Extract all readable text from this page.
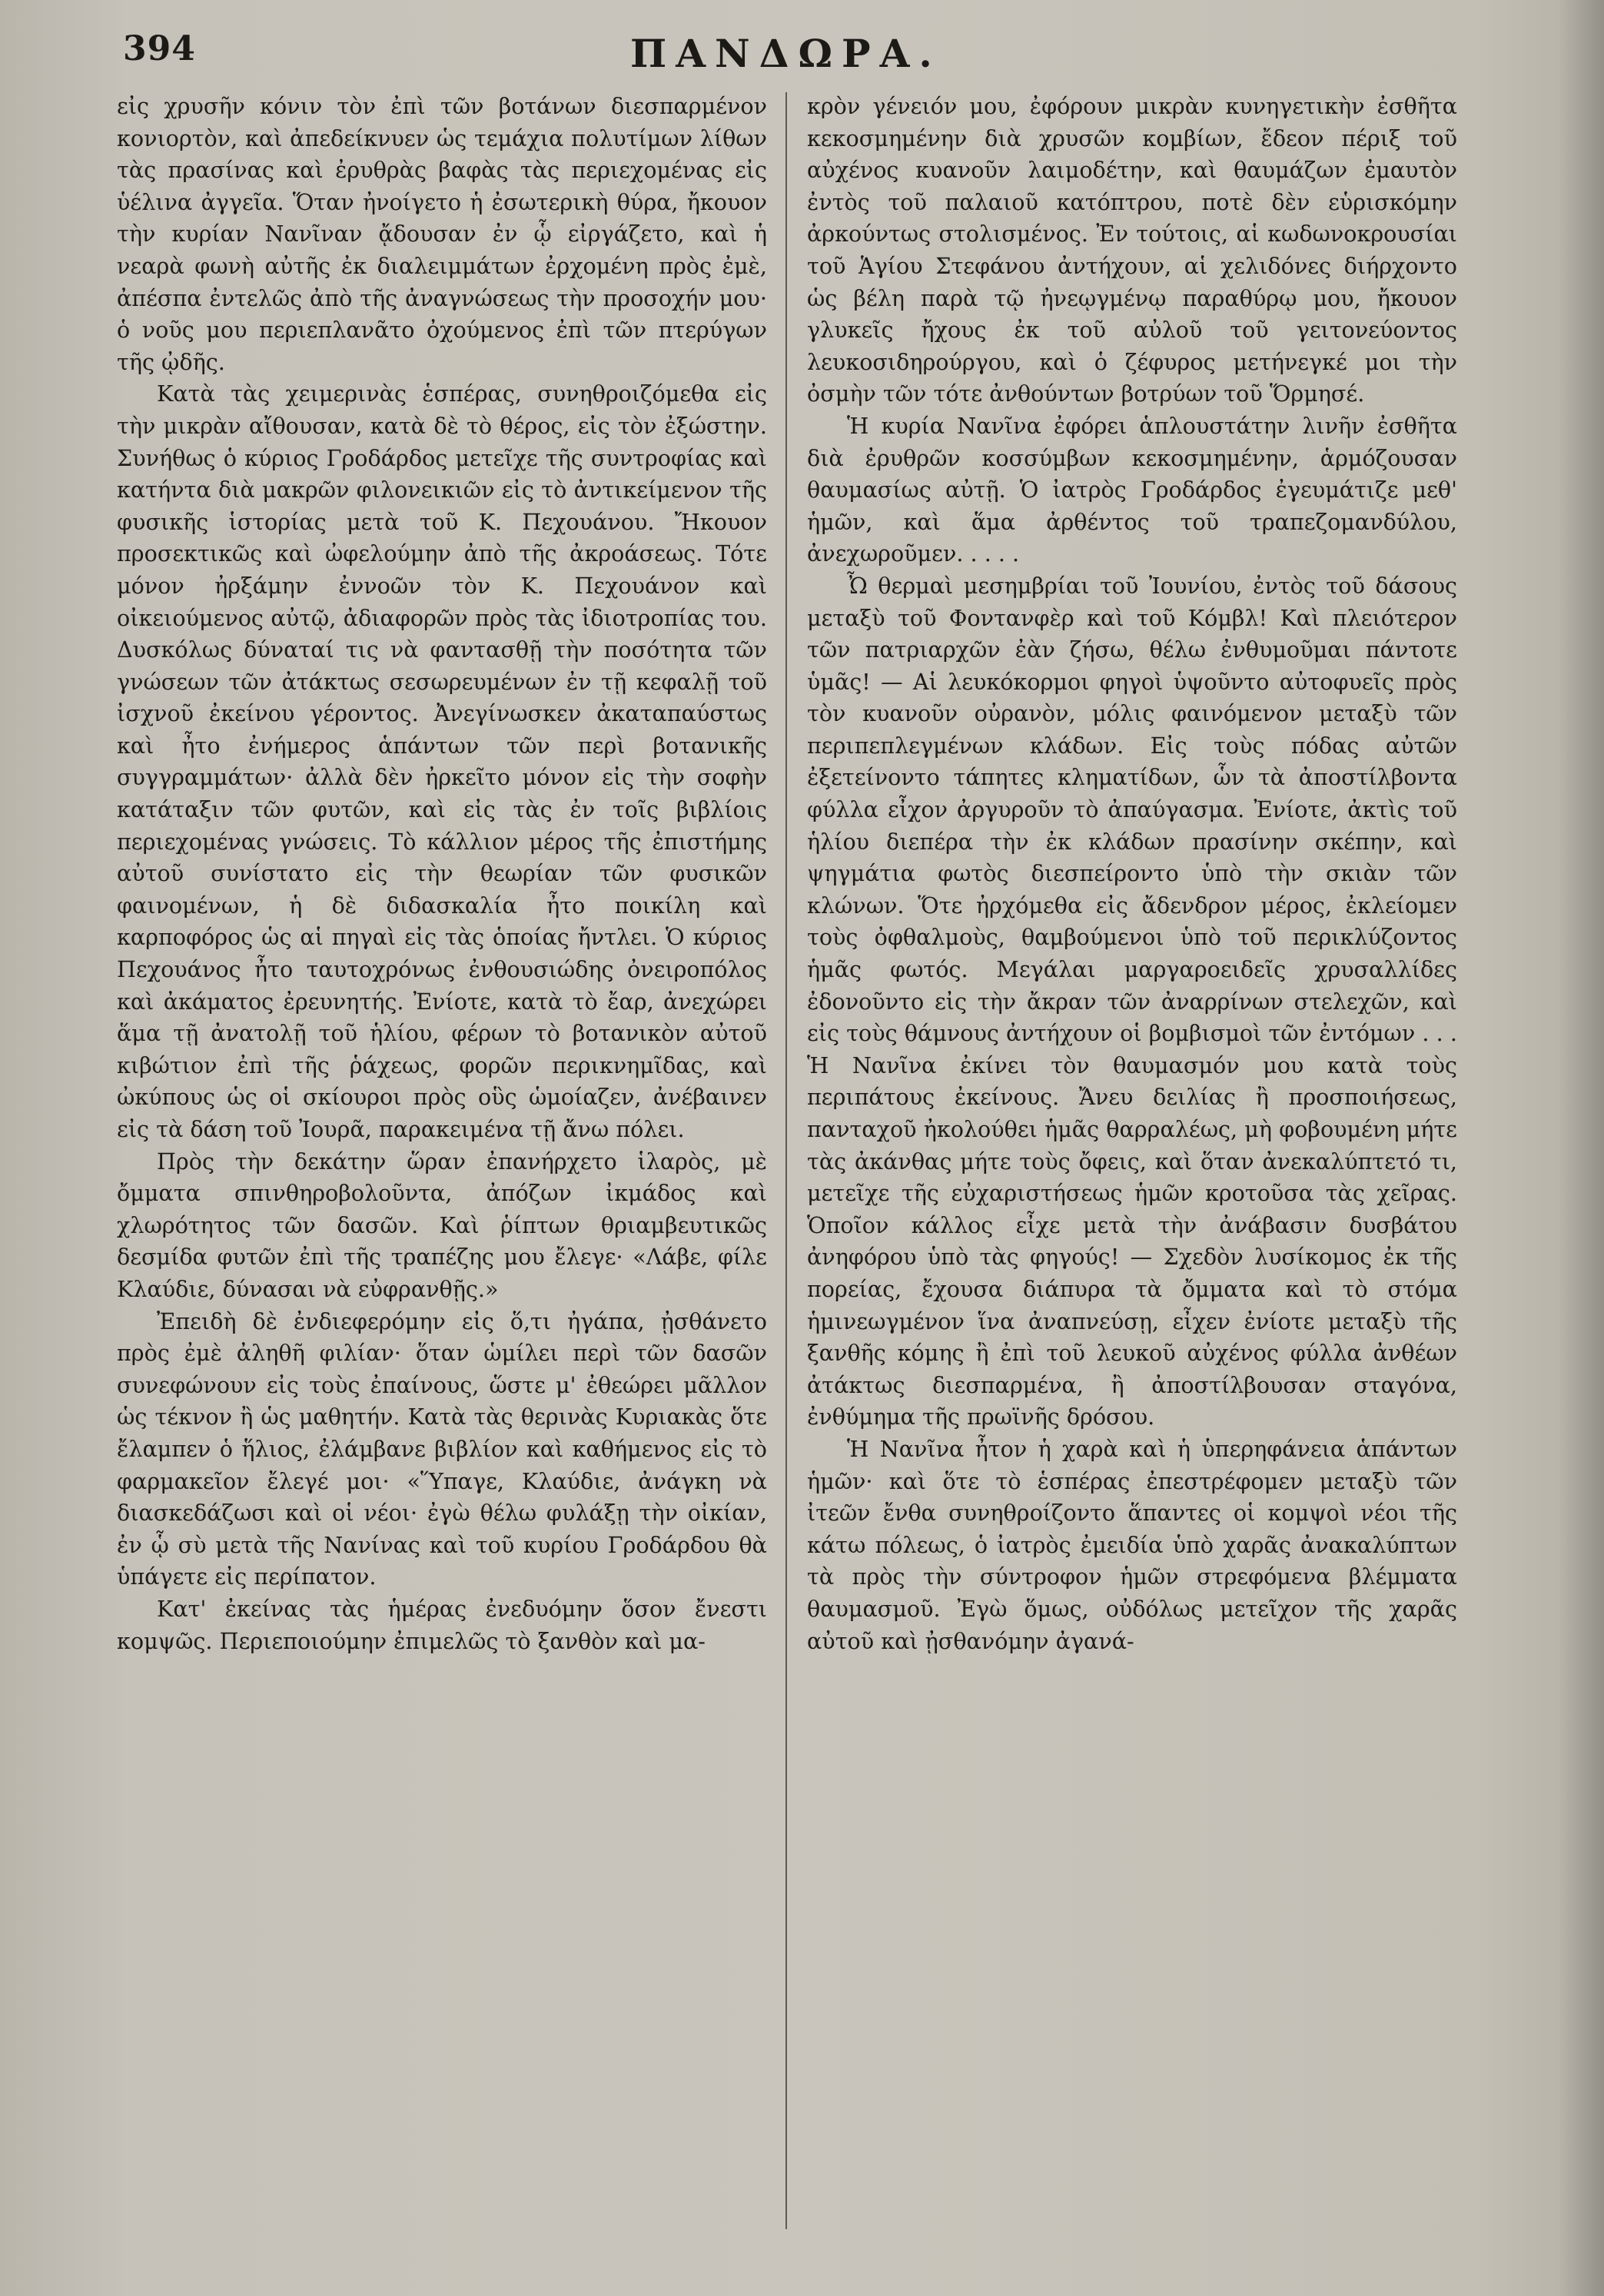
394	ΠΑΝΔΩΡΑ.

εἰς χρυσῆν κόνιν τὸν ἐπὶ τῶν βοτάνων διεσπαρμένον κονιορτὸν, καὶ ἀπεδείκνυεν ὡς τεμάχια πολυτίμων λίθων τὰς πρασίνας καὶ ἐρυθρὰς βαφὰς τὰς περιεχομένας εἰς ὑέλινα ἀγγεῖα. Ὅταν ἠνοίγετο ἡ ἐσωτερικὴ θύρα, ἤκουον τὴν κυρίαν Νανῖναν ᾄδουσαν ἐν ᾧ εἰργάζετο, καὶ ἡ νεαρὰ φωνὴ αὐτῆς ἐκ διαλειμμάτων ἐρχομένη πρὸς ἐμὲ, ἀπέσπα ἐντελῶς ἀπὸ τῆς ἀναγνώσεως τὴν προσοχήν μου· ὁ νοῦς μου περιεπλανᾶτο ὀχούμενος ἐπὶ τῶν πτερύγων τῆς ᾠδῆς.

Κατὰ τὰς χειμερινὰς ἑσπέρας, συνηθροιζόμεθα εἰς τὴν μικρὰν αἴθουσαν, κατὰ δὲ τὸ θέρος, εἰς τὸν ἐξώστην. Συνήθως ὁ κύριος Γροδάρδος μετεῖχε τῆς συντροφίας καὶ κατήντα διὰ μακρῶν φιλονεικιῶν εἰς τὸ ἀντικείμενον τῆς φυσικῆς ἱστορίας μετὰ τοῦ Κ. Πεχουάνου. Ἤκουον προσεκτικῶς καὶ ὠφελούμην ἀπὸ τῆς ἀκροάσεως. Τότε μόνον ἠρξάμην ἐννοῶν τὸν Κ. Πεχουάνον καὶ οἰκειούμενος αὐτῷ, ἀδιαφορῶν πρὸς τὰς ἰδιοτροπίας του. Δυσκόλως δύναταί τις νὰ φαντασθῇ τὴν ποσότητα τῶν γνώσεων τῶν ἀτάκτως σεσωρευμένων ἐν τῇ κεφαλῇ τοῦ ἰσχνοῦ ἐκείνου γέροντος. Ἀνεγίνωσκεν ἀκαταπαύστως καὶ ἦτο ἐνήμερος ἁπάντων τῶν περὶ βοτανικῆς συγγραμμάτων· ἀλλὰ δὲν ἠρκεῖτο μόνον εἰς τὴν σοφὴν κατάταξιν τῶν φυτῶν, καὶ εἰς τὰς ἐν τοῖς βιβλίοις περιεχομένας γνώσεις. Τὸ κάλλιον μέρος τῆς ἐπιστήμης αὐτοῦ συνίστατο εἰς τὴν θεωρίαν τῶν φυσικῶν φαινομένων, ἡ δὲ διδασκαλία ἦτο ποικίλη καὶ καρποφόρος ὡς αἱ πηγαὶ εἰς τὰς ὁποίας ἤντλει. Ὁ κύριος Πεχουάνος ἦτο ταυτοχρόνως ἐνθουσιώδης ὀνειροπόλος καὶ ἀκάματος ἐρευνητής. Ἐνίοτε, κατὰ τὸ ἔαρ, ἀνεχώρει ἅμα τῇ ἀνατολῇ τοῦ ἡλίου, φέρων τὸ βοτανικὸν αὐτοῦ κιβώτιον ἐπὶ τῆς ῥάχεως, φορῶν περικνημῖδας, καὶ ὠκύπους ὡς οἱ σκίουροι πρὸς οὓς ὡμοίαζεν, ἀνέβαινεν εἰς τὰ δάση τοῦ Ἰουρᾶ, παρακειμένα τῇ ἄνω πόλει.

Πρὸς τὴν δεκάτην ὥραν ἐπανήρχετο ἱλαρὸς, μὲ ὄμματα σπινθηροβολοῦντα, ἀπόζων ἰκμάδος καὶ χλωρότητος τῶν δασῶν. Καὶ ῥίπτων θριαμβευτικῶς δεσμίδα φυτῶν ἐπὶ τῆς τραπέζης μου ἔλεγε· «Λάβε, φίλε Κλαύδιε, δύνασαι νὰ εὐφρανθῇς.»

Ἐπειδὴ δὲ ἐνδιεφερόμην εἰς ὅ,τι ἠγάπα, ᾐσθάνετο πρὸς ἐμὲ ἀληθῆ φιλίαν· ὅταν ὡμίλει περὶ τῶν δασῶν συνεφώνουν εἰς τοὺς ἐπαίνους, ὥστε μ' ἐθεώρει μᾶλλον ὡς τέκνον ἢ ὡς μαθητήν. Κατὰ τὰς θερινὰς Κυριακὰς ὅτε ἔλαμπεν ὁ ἥλιος, ἐλάμβανε βιβλίον καὶ καθήμενος εἰς τὸ φαρμακεῖον ἔλεγέ μοι· «Ὕπαγε, Κλαύδιε, ἀνάγκη νὰ διασκεδάζωσι καὶ οἱ νέοι· ἐγὼ θέλω φυλάξῃ τὴν οἰκίαν, ἐν ᾧ σὺ μετὰ τῆς Νανίνας καὶ τοῦ κυρίου Γροδάρδου θὰ ὑπάγετε εἰς περίπατον.

Κατ' ἐκείνας τὰς ἡμέρας ἐνεδυόμην ὅσον ἔνεστι κομψῶς. Περιεποιούμην ἐπιμελῶς τὸ ξανθὸν καὶ μα-

κρὸν γένειόν μου, ἐφόρουν μικρὰν κυνηγετικὴν ἐσθῆτα κεκοσμημένην διὰ χρυσῶν κομβίων, ἔδεον πέριξ τοῦ αὐχένος κυανοῦν λαιμοδέτην, καὶ θαυμάζων ἐμαυτὸν ἐντὸς τοῦ παλαιοῦ κατόπτρου, ποτὲ δὲν εὑρισκόμην ἀρκούντως στολισμένος. Ἐν τούτοις, αἱ κωδωνοκρουσίαι τοῦ Ἁγίου Στεφάνου ἀντήχουν, αἱ χελιδόνες διήρχοντο ὡς βέλη παρὰ τῷ ἠνεῳγμένῳ παραθύρῳ μου, ἤκουον γλυκεῖς ἤχους ἐκ τοῦ αὐλοῦ τοῦ γειτονεύοντος λευκοσιδηρούργου, καὶ ὁ ζέφυρος μετήνεγκέ μοι τὴν ὀσμὴν τῶν τότε ἀνθούντων βοτρύων τοῦ Ὅρμησέ.

Ἡ κυρία Νανῖνα ἐφόρει ἁπλουστάτην λινῆν ἐσθῆτα διὰ ἐρυθρῶν κοσσύμβων κεκοσμημένην, ἁρμόζουσαν θαυμασίως αὐτῇ. Ὁ ἰατρὸς Γροδάρδος ἐγευμάτιζε μεθ' ἡμῶν, καὶ ἅμα ἀρθέντος τοῦ τραπεζομανδύλου, ἀνεχωροῦμεν. . . . .

Ὦ θερμαὶ μεσημβρίαι τοῦ Ἰουνίου, ἐντὸς τοῦ δάσους μεταξὺ τοῦ Φοντανφὲρ καὶ τοῦ Κόμβλ! Καὶ πλειότερον τῶν πατριαρχῶν ἐὰν ζήσω, θέλω ἐνθυμοῦμαι πάντοτε ὑμᾶς! — Αἱ λευκόκορμοι φηγοὶ ὑψοῦντο αὐτοφυεῖς πρὸς τὸν κυανοῦν οὐρανὸν, μόλις φαινόμενον μεταξὺ τῶν περιπεπλεγμένων κλάδων. Εἰς τοὺς πόδας αὐτῶν ἐξετείνοντο τάπητες κληματίδων, ὧν τὰ ἀποστίλβοντα φύλλα εἶχον ἀργυροῦν τὸ ἀπαύγασμα. Ἐνίοτε, ἀκτὶς τοῦ ἡλίου διεπέρα τὴν ἐκ κλάδων πρασίνην σκέπην, καὶ ψηγμάτια φωτὸς διεσπείροντο ὑπὸ τὴν σκιὰν τῶν κλώνων. Ὅτε ἠρχόμεθα εἰς ἄδενδρον μέρος, ἐκλείομεν τοὺς ὀφθαλμοὺς, θαμβούμενοι ὑπὸ τοῦ περικλύζοντος ἡμᾶς φωτός. Μεγάλαι μαργαροειδεῖς χρυσαλλίδες ἐδονοῦντο εἰς τὴν ἄκραν τῶν ἀναρρίνων στελεχῶν, καὶ εἰς τοὺς θάμνους ἀντήχουν οἱ βομβισμοὶ τῶν ἐντόμων . . . Ἡ Νανῖνα ἐκίνει τὸν θαυμασμόν μου κατὰ τοὺς περιπάτους ἐκείνους. Ἄνευ δειλίας ἢ προσποιήσεως, πανταχοῦ ἠκολούθει ἡμᾶς θαρραλέως, μὴ φοβουμένη μήτε τὰς ἀκάνθας μήτε τοὺς ὄφεις, καὶ ὅταν ἀνεκαλύπτετό τι, μετεῖχε τῆς εὐχαριστήσεως ἡμῶν κροτοῦσα τὰς χεῖρας. Ὁποῖον κάλλος εἶχε μετὰ τὴν ἀνάβασιν δυσβάτου ἀνηφόρου ὑπὸ τὰς φηγούς! — Σχεδὸν λυσίκομος ἐκ τῆς πορείας, ἔχουσα διάπυρα τὰ ὄμματα καὶ τὸ στόμα ἡμινεωγμένον ἵνα ἀναπνεύσῃ, εἶχεν ἐνίοτε μεταξὺ τῆς ξανθῆς κόμης ἢ ἐπὶ τοῦ λευκοῦ αὐχένος φύλλα ἀνθέων ἀτάκτως διεσπαρμένα, ἢ ἀποστίλβουσαν σταγόνα, ἐνθύμημα τῆς πρωϊνῆς δρόσου.

Ἡ Νανῖνα ἦτον ἡ χαρὰ καὶ ἡ ὑπερηφάνεια ἁπάντων ἡμῶν· καὶ ὅτε τὸ ἑσπέρας ἐπεστρέφομεν μεταξὺ τῶν ἰτεῶν ἔνθα συνηθροίζοντο ἅπαντες οἱ κομψοὶ νέοι τῆς κάτω πόλεως, ὁ ἰατρὸς ἐμειδία ὑπὸ χαρᾶς ἀνακαλύπτων τὰ πρὸς τὴν σύντροφον ἡμῶν στρεφόμενα βλέμματα θαυμασμοῦ. Ἐγὼ ὅμως, οὐδόλως μετεῖχον τῆς χαρᾶς αὐτοῦ καὶ ᾐσθανόμην ἀγανά-
